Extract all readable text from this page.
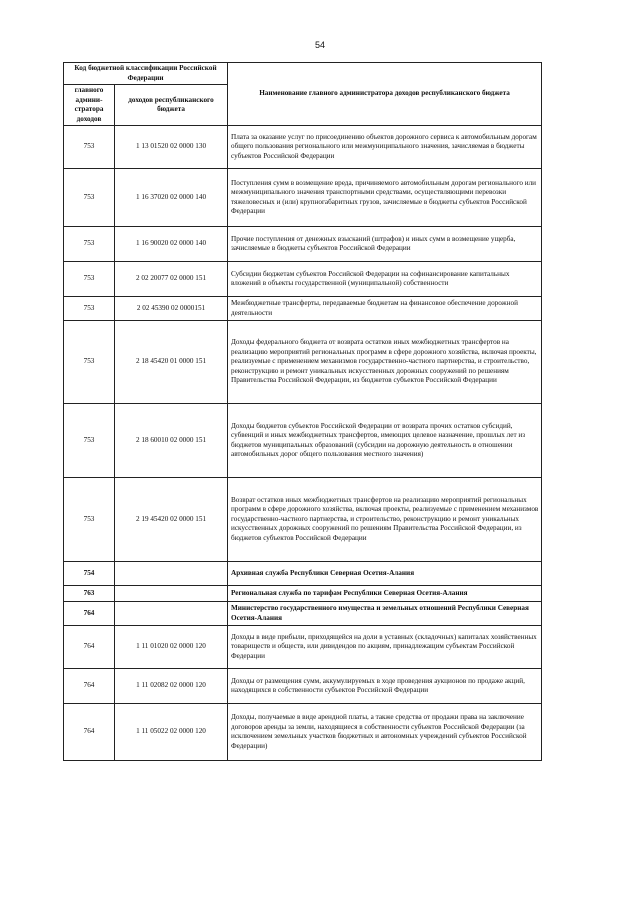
54
Код бюджетной классификации Российской Федерации		Наименование главного администратора доходов республиканского бюджета
главного админи-стратора доходов	доходов республиканского бюджета	
753	1 13 01520 02 0000 130	Плата за оказание услуг по присоединению объектов дорожного сервиса к автомобильным дорогам общего пользования регионального или межмуниципального значения, зачисляемая в бюджеты субъектов Российской Федерации
753	1 16 37020 02 0000 140	Поступления сумм в возмещение вреда, причиняемого автомобильным дорогам регионального или межмуниципального значения транспортными средствами, осуществляющими перевозки тяжеловесных и (или) крупногабаритных грузов, зачисляемые в бюджеты субъектов Российской Федерации
753	1 16 90020 02 0000 140	Прочие поступления от денежных взысканий (штрафов) и иных сумм в возмещение ущерба, зачисляемые в бюджеты субъектов Российской Федерации
753	2 02 20077 02 0000 151	Субсидии бюджетам субъектов Российской Федерации на софинансирование капитальных вложений в объекты государственной (муниципальной) собственности
753	2 02 45390 02 0000151	Межбюджетные трансферты, передаваемые бюджетам на финансовое обеспечение дорожной деятельности
753	2 18 45420 01 0000 151	Доходы федерального бюджета от возврата остатков иных межбюджетных трансфертов на реализацию мероприятий региональных программ в сфере дорожного хозяйства, включая проекты, реализуемые с применением механизмов государственно-частного партнерства, и строительство, реконструкцию и ремонт уникальных искусственных дорожных сооружений по решениям Правительства Российской Федерации, из бюджетов субъектов Российской Федерации
753	2 18 60010 02 0000 151	Доходы бюджетов субъектов Российской Федерации от возврата прочих остатков субсидий, субвенций и иных межбюджетных трансфертов, имеющих целевое назначение, прошлых лет из бюджетов муниципальных образований (субсидии на дорожную деятельность в отношении автомобильных дорог общего пользования местного значения)
753	2 19 45420 02 0000 151	Возврат остатков иных межбюджетных трансфертов на реализацию мероприятий региональных программ в сфере дорожного хозяйства, включая проекты, реализуемые с применением механизмов государственно-частного партнерства, и строительство, реконструкцию и ремонт уникальных искусственных дорожных сооружений по решениям Правительства Российской Федерации, из бюджетов субъектов Российской Федерации
754		Архивная служба Республики Северная Осетия-Алания
763		Региональная служба по тарифам Республики Северная Осетия-Алания
764		Министерство государственного имущества и земельных отношений Республики Северная Осетия-Алания
764	1 11 01020 02 0000 120	Доходы в виде прибыли, приходящейся на доли в уставных (складочных) капиталах хозяйственных товариществ и обществ, или дивидендов по акциям, принадлежащим субъектам Российской Федерации
764	1 11 02082 02 0000 120	Доходы от размещения сумм, аккумулируемых в ходе проведения аукционов по продаже акций, находящихся в собственности субъектов Российской Федерации
764	1 11 05022 02 0000 120	Доходы, получаемые в виде арендной платы, а также средства от продажи права на заключение договоров аренды за земли, находящиеся в собственности субъектов Российской Федерации (за исключением земельных участков бюджетных и автономных учреждений субъектов Российской Федерации)
